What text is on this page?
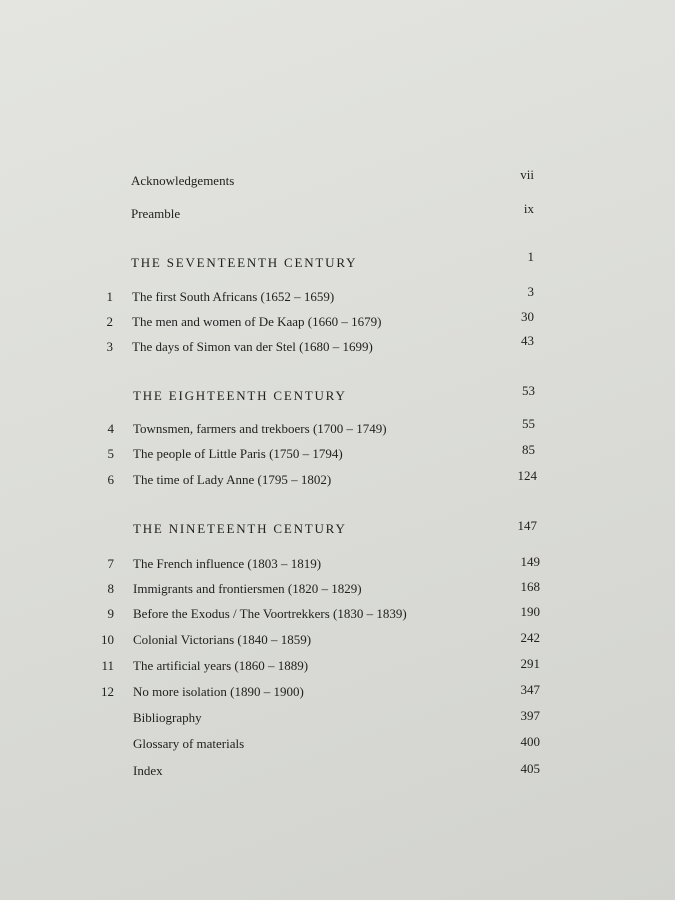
Acknowledgements	vii
Preamble	ix
THE SEVENTEENTH CENTURY	1
1 The first South Africans (1652 – 1659)	3
2 The men and women of De Kaap (1660 – 1679)	30
3 The days of Simon van der Stel (1680 – 1699)	43
THE EIGHTEENTH CENTURY	53
4 Townsmen, farmers and trekboers (1700 – 1749)	55
5 The people of Little Paris (1750 – 1794)	85
6 The time of Lady Anne (1795 – 1802)	124
THE NINETEENTH CENTURY	147
7 The French influence (1803 – 1819)	149
8 Immigrants and frontiersmen (1820 – 1829)	168
9 Before the Exodus / The Voortrekkers (1830 – 1839)	190
10 Colonial Victorians (1840 – 1859)	242
11 The artificial years (1860 – 1889)	291
12 No more isolation (1890 – 1900)	347
Bibliography	397
Glossary of materials	400
Index	405
